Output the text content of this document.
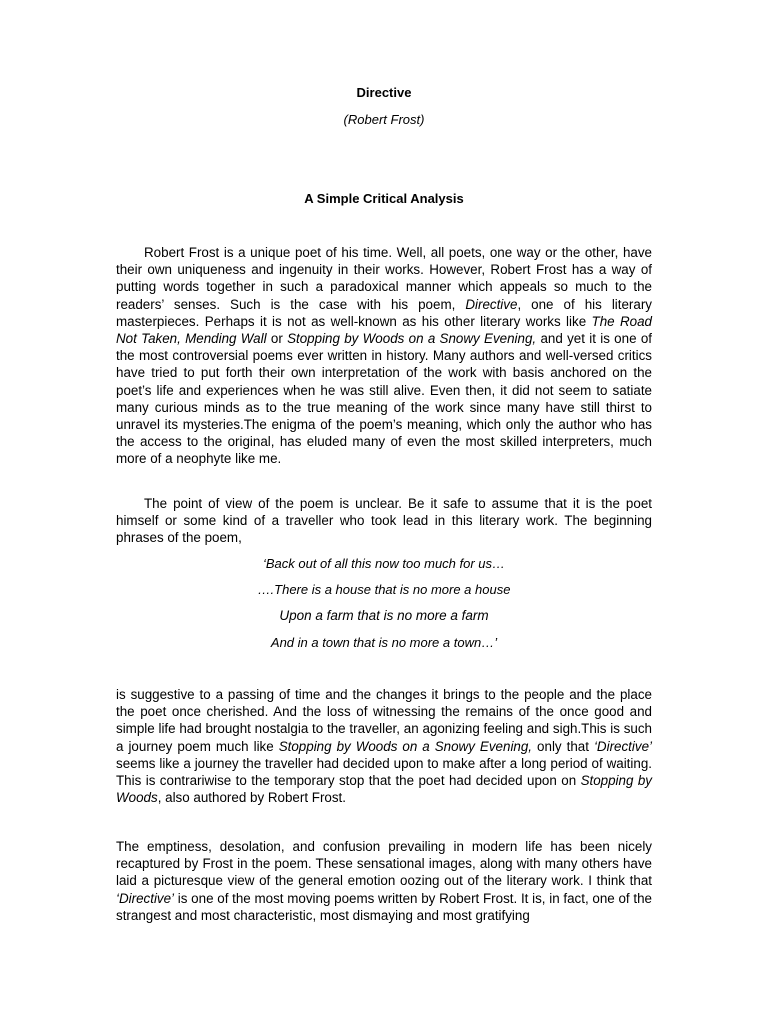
Directive
(Robert Frost)
A Simple Critical Analysis

Robert Frost is a unique poet of his time. Well, all poets, one way or the other, have their own uniqueness and ingenuity in their works. However, Robert Frost has a way of putting words together in such a paradoxical manner which appeals so much to the readers’ senses. Such is the case with his poem, Directive, one of his literary masterpieces. Perhaps it is not as well-known as his other literary works like The Road Not Taken, Mending Wall or Stopping by Woods on a Snowy Evening, and yet it is one of the most controversial poems ever written in history. Many authors and well-versed critics have tried to put forth their own interpretation of the work with basis anchored on the poet’s life and experiences when he was still alive. Even then, it did not seem to satiate many curious minds as to the true meaning of the work since many have still thirst to unravel its mysteries.The enigma of the poem’s meaning, which only the author who has the access to the original, has eluded many of even the most skilled interpreters, much more of a neophyte like me.

The point of view of the poem is unclear. Be it safe to assume that it is the poet himself or some kind of a traveller who took lead in this literary work. The beginning phrases of the poem,

‘Back out of all this now too much for us…
….There is a house that is no more a house
Upon a farm that is no more a farm
And in a town that is no more a town…’

is suggestive to a passing of time and the changes it brings to the people and the place the poet once cherished. And the loss of witnessing the remains of the once good and simple life had brought nostalgia to the traveller, an agonizing feeling and sigh.This is such a journey poem much like Stopping by Woods on a Snowy Evening, only that ‘Directive’ seems like a journey the traveller had decided upon to make after a long period of waiting. This is contrariwise to the temporary stop that the poet had decided upon on Stopping by Woods, also authored by Robert Frost.

The emptiness, desolation, and confusion prevailing in modern life has been nicely recaptured by Frost in the poem. These sensational images, along with many others have laid a picturesque view of the general emotion oozing out of the literary work. I think that ‘Directive’ is one of the most moving poems written by Robert Frost. It is, in fact, one of the strangest and most characteristic, most dismaying and most gratifying
